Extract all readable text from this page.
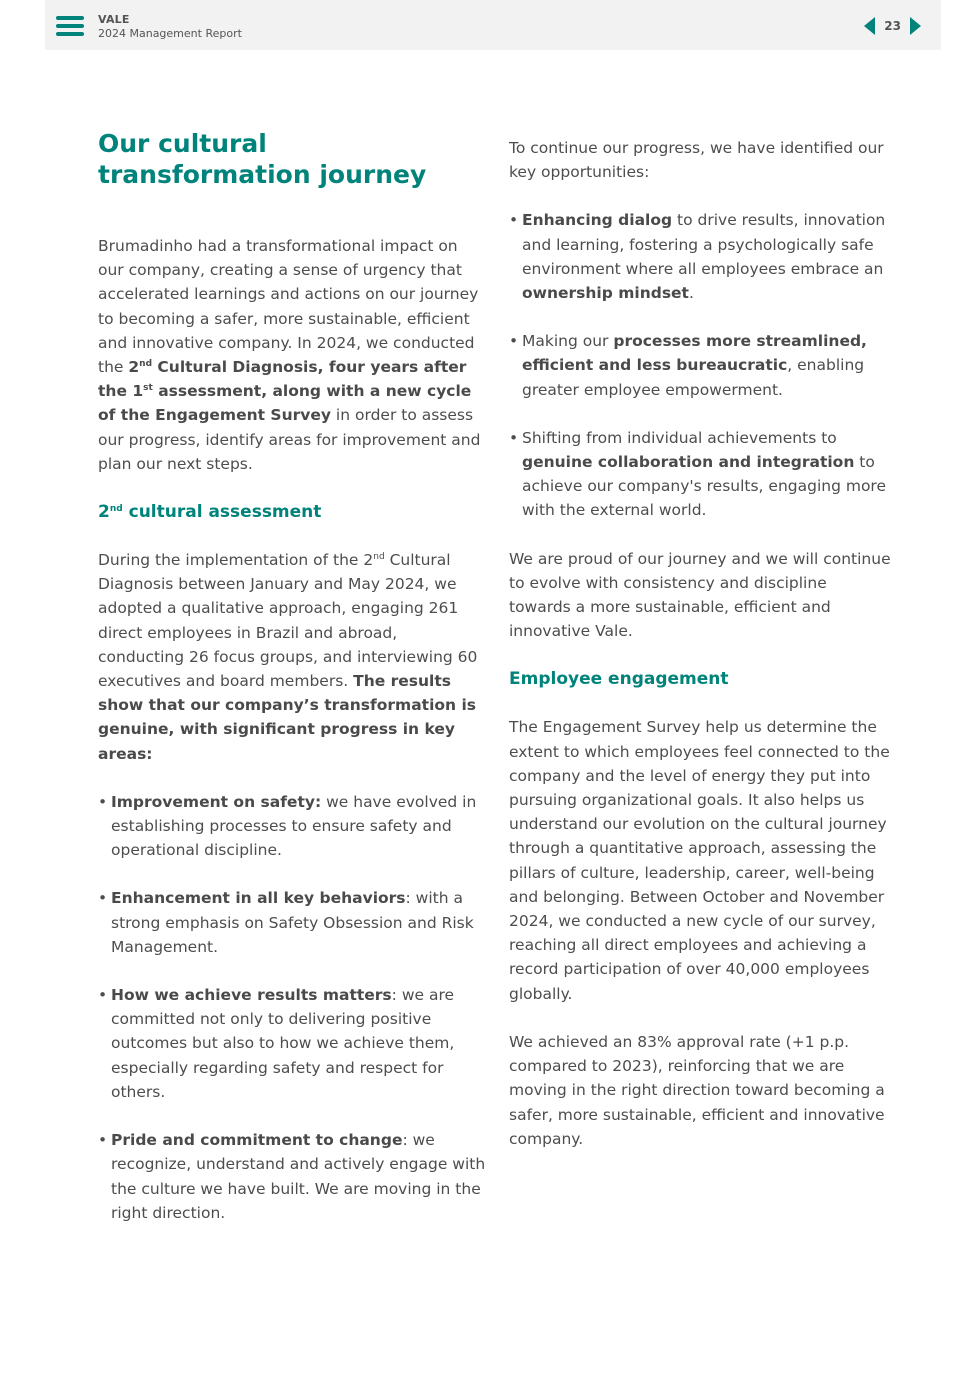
VALE
2024 Management Report
23
Our cultural transformation journey

Brumadinho had a transformational impact on our company, creating a sense of urgency that accelerated learnings and actions on our journey to becoming a safer, more sustainable, efficient and innovative company. In 2024, we conducted the 2nd Cultural Diagnosis, four years after the 1st assessment, along with a new cycle of the Engagement Survey in order to assess our progress, identify areas for improvement and plan our next steps.

2nd cultural assessment

During the implementation of the 2nd Cultural Diagnosis between January and May 2024, we adopted a qualitative approach, engaging 261 direct employees in Brazil and abroad, conducting 26 focus groups, and interviewing 60 executives and board members. The results show that our company’s transformation is genuine, with significant progress in key areas:

• Improvement on safety: we have evolved in establishing processes to ensure safety and operational discipline.
• Enhancement in all key behaviors: with a strong emphasis on Safety Obsession and Risk Management.
• How we achieve results matters: we are committed not only to delivering positive outcomes but also to how we achieve them, especially regarding safety and respect for others.
• Pride and commitment to change: we recognize, understand and actively engage with the culture we have built. We are moving in the right direction.

To continue our progress, we have identified our key opportunities:

• Enhancing dialog to drive results, innovation and learning, fostering a psychologically safe environment where all employees embrace an ownership mindset.
• Making our processes more streamlined, efficient and less bureaucratic, enabling greater employee empowerment.
• Shifting from individual achievements to genuine collaboration and integration to achieve our company's results, engaging more with the external world.

We are proud of our journey and we will continue to evolve with consistency and discipline towards a more sustainable, efficient and innovative Vale.

Employee engagement

The Engagement Survey help us determine the extent to which employees feel connected to the company and the level of energy they put into pursuing organizational goals. It also helps us understand our evolution on the cultural journey through a quantitative approach, assessing the pillars of culture, leadership, career, well-being and belonging. Between October and November 2024, we conducted a new cycle of our survey, reaching all direct employees and achieving a record participation of over 40,000 employees globally.

We achieved an 83% approval rate (+1 p.p. compared to 2023), reinforcing that we are moving in the right direction toward becoming a safer, more sustainable, efficient and innovative company.
